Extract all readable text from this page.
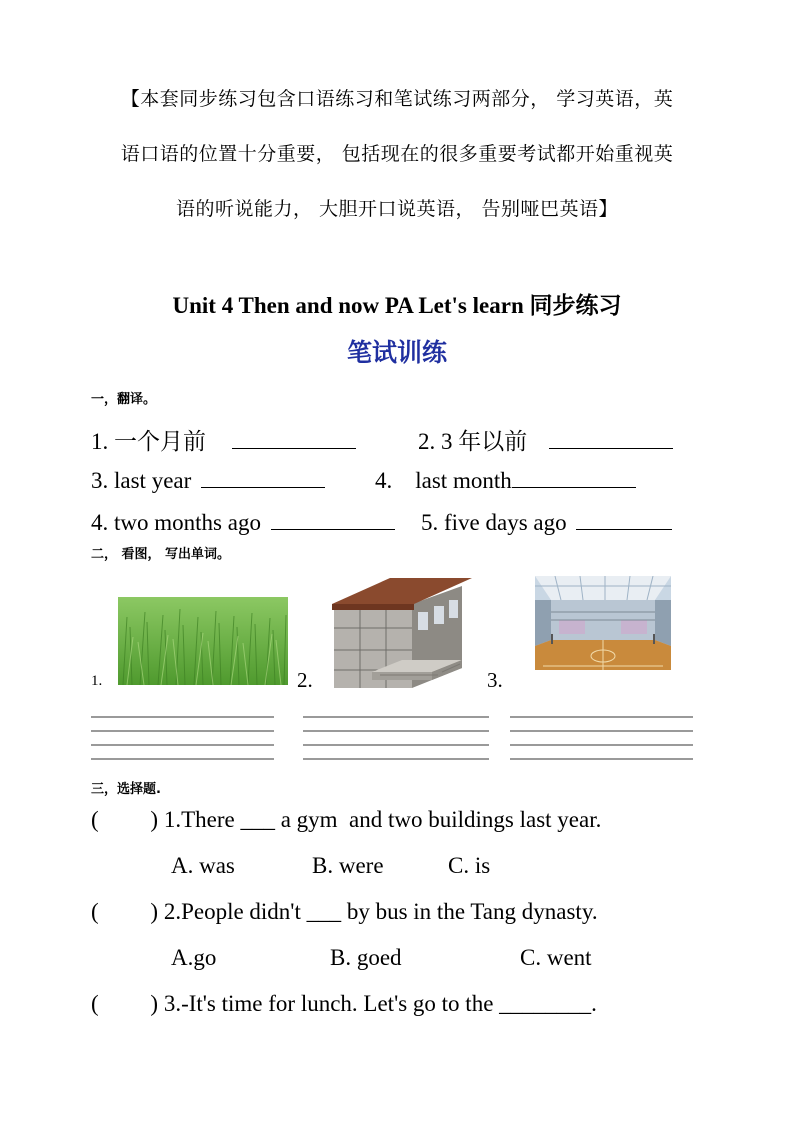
【本套同步练习包含口语练习和笔试练习两部分， 学习英语，英
语口语的位置十分重要， 包括现在的很多重要考试都开始重视英
语的听说能力， 大胆开口说英语， 告别哑巴英语】
Unit 4 Then and now PA Let's learn 同步练习
笔试训练
一，翻译。
1. 一个月前	2. 3 年以前
3. last year	4.    last month
4. two months ago	5. five days ago
二， 看图， 写出单词。
1.	2.	3.
三，选择题.
(         ) 1.There ___ a gym  and two buildings last year.
A. was	B. were	C. is
(         ) 2.People didn't ___ by bus in the Tang dynasty.
A.go	B. goed	C. went
(         ) 3.-It's time for lunch. Let's go to the ________.
